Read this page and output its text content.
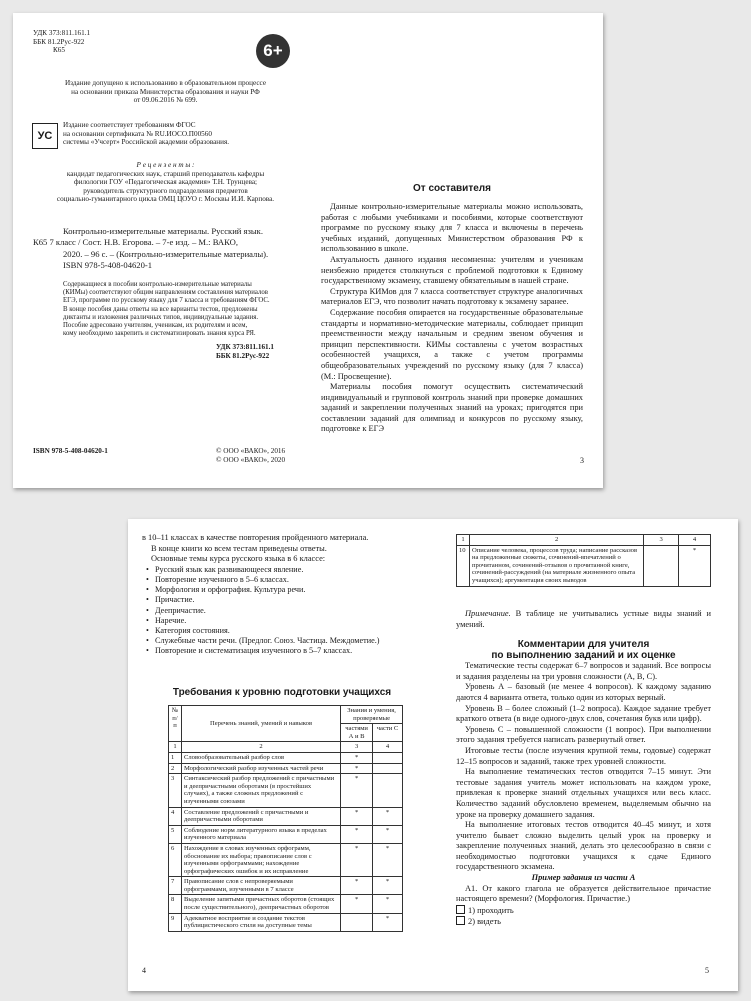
УДК 373:811.161.1
ББК 81.2Рус-922
К65	6+
Издание допущено к использованию в образовательном процессе
на основании приказа Министерства образования и науки РФ
от 09.06.2016 № 699.
УС
Издание соответствует требованиям ФГОС
на основании сертификата № RU.ИОСО.П00560
системы «Учсерт» Российской академии образования.
Р е ц е н з е н т ы :
кандидат педагогических наук, старший преподаватель кафедры
филологии ГОУ «Педагогическая академия» Т.Н. Трунцева;
руководитель структурного подразделения предметов
социально-гуманитарного цикла ОМЦ ЦОУО г. Москвы И.И. Карпова.
Контрольно-измерительные материалы. Русский язык.
К65 7 класс / Сост. Н.В. Егорова. – 7-е изд. – М.: ВАКО,
2020. – 96 с. – (Контрольно-измерительные материалы).
ISBN 978-5-408-04620-1
Содержащиеся в пособии контрольно-измерительные материалы
(КИМы) соответствуют общим направлениям составления материалов
ЕГЭ, программе по русскому языку для 7 класса и требованиям ФГОС.
В конце пособия даны ответы на все варианты тестов, предложены
диктанты и изложения различных типов, индивидуальные задания.
Пособие адресовано учителям, ученикам, их родителям и всем,
кому необходимо закрепить и систематизировать знания курса РЯ.
УДК 373:811.161.1
ББК 81.2Рус-922
ISBN 978-5-408-04620-1	© ООО «ВАКО», 2016
© ООО «ВАКО», 2020
От составителя

Данные контрольно-измерительные материалы можно использовать, работая с любыми учебниками и пособиями, которые соответствуют программе по русскому языку для 7 класса и включены в перечень учебных изданий, допущенных Министерством образования РФ к использованию в школе.

Актуальность данного издания несомненна: учителям и ученикам неизбежно придется столкнуться с проблемой подготовки к Единому государственному экзамену, ставшему обязательным в нашей стране.

Структура КИМов для 7 класса соответствует структуре аналогичных материалов ЕГЭ, что позволит начать подготовку к экзамену заранее.

Содержание пособия опирается на государственные образовательные стандарты и нормативно-методические материалы, соблюдает принцип преемственности между начальным и средним звеном обучения и принцип перспективности. КИМы составлены с учетом возрастных особенностей учащихся, а также с учетом программы общеобразовательных учреждений по русскому языку (для 7 класса) (М.: Просвещение).

Материалы пособия помогут осуществить систематический индивидуальный и групповой контроль знаний при проверке домашних заданий и закреплении полученных знаний на уроках; пригодятся при составлении заданий для олимпиад и конкурсов по русскому языку, подготовке к ЕГЭ

3

в 10–11 классах в качестве повторения пройденного материала.

В конце книги ко всем тестам приведены ответы.

Основные темы курса русского языка в 6 классе:

• Русский язык как развивающееся явление.
• Повторение изученного в 5–6 классах.
• Морфология и орфография. Культура речи.
• Причастие.
• Деепричастие.
• Наречие.
• Категория состояния.
• Служебные части речи. (Предлог. Союз. Частица. Междометие.)
• Повторение и систематизация изученного в 5–7 классах.
Требования к уровню подготовки учащихся
№ п/п	Перечень знаний, умений и навыков	Знания и умения, проверяемые	
		частями А и В	части С
1	2	3	4
1	Словообразовательный разбор слов	*	
2	Морфологический разбор изученных частей речи	*	
3	Синтаксический разбор предложений с причастными и деепричастными оборотами (в простейших случаях), а также сложных предложений с изученными союзами	*	
4	Составление предложений с причастными и деепричастными оборотами	*	*
5	Соблюдение норм литературного языка в пределах изученного материала	*	*
6	Нахождение в словах изученных орфограмм, обоснование их выбора; правописание слов с изученными орфограммами; нахождение орфографических ошибок и их исправление	*	*
7	Правописание слов с непроверяемыми орфограммами, изученными в 7 классе	*	*
8	Выделение запятыми причастных оборотов (стоящих после существительного), деепричастных оборотов	*	*
9	Адекватное восприятие и создание текстов публицистического стиля на доступные темы		*
4
1	2	3	4
10	Описание человека, процессов труда; написание рассказов на предложенные сюжеты, сочинений-впечатлений о прочитанном, сочинений-отзывов о прочитанной книге, сочинений-рассуждений (на материале жизненного опыта учащихся); аргументация своих выводов		*

Примечание. В таблице не учитывались устные виды знаний и умений.

Комментарии для учителя
по выполнению заданий и их оценке

Тематические тесты содержат 6–7 вопросов и заданий. Все вопросы и задания разделены на три уровня сложности (А, В, С).

Уровень А – базовый (не менее 4 вопросов). К каждому заданию даются 4 варианта ответа, только один из которых верный.

Уровень В – более сложный (1–2 вопроса). Каждое задание требует краткого ответа (в виде одного-двух слов, сочетания букв или цифр).

Уровень С – повышенной сложности (1 вопрос). При выполнении этого задания требуется написать развернутый ответ.

Итоговые тесты (после изучения крупной темы, годовые) содержат 12–15 вопросов и заданий, также трех уровней сложности.

На выполнение тематических тестов отводится 7–15 минут. Эти тестовые задания учитель может использовать на каждом уроке, привлекая к проверке знаний отдельных учащихся или весь класс. Количество заданий обусловлено временем, выделяемым обычно на уроке на проверку домашнего задания.

На выполнение итоговых тестов отводится 40–45 минут, и хотя учителю бывает сложно выделить целый урок на проверку и закрепление полученных знаний, делать это целесообразно в связи с необходимостью подготовки учащихся к сдаче Единого государственного экзамена.

Пример задания из части А

А1. От какого глагола не образуется действительное причастие настоящего времени? (Морфология. Причастие.)

1) проходить
2) видеть
5
